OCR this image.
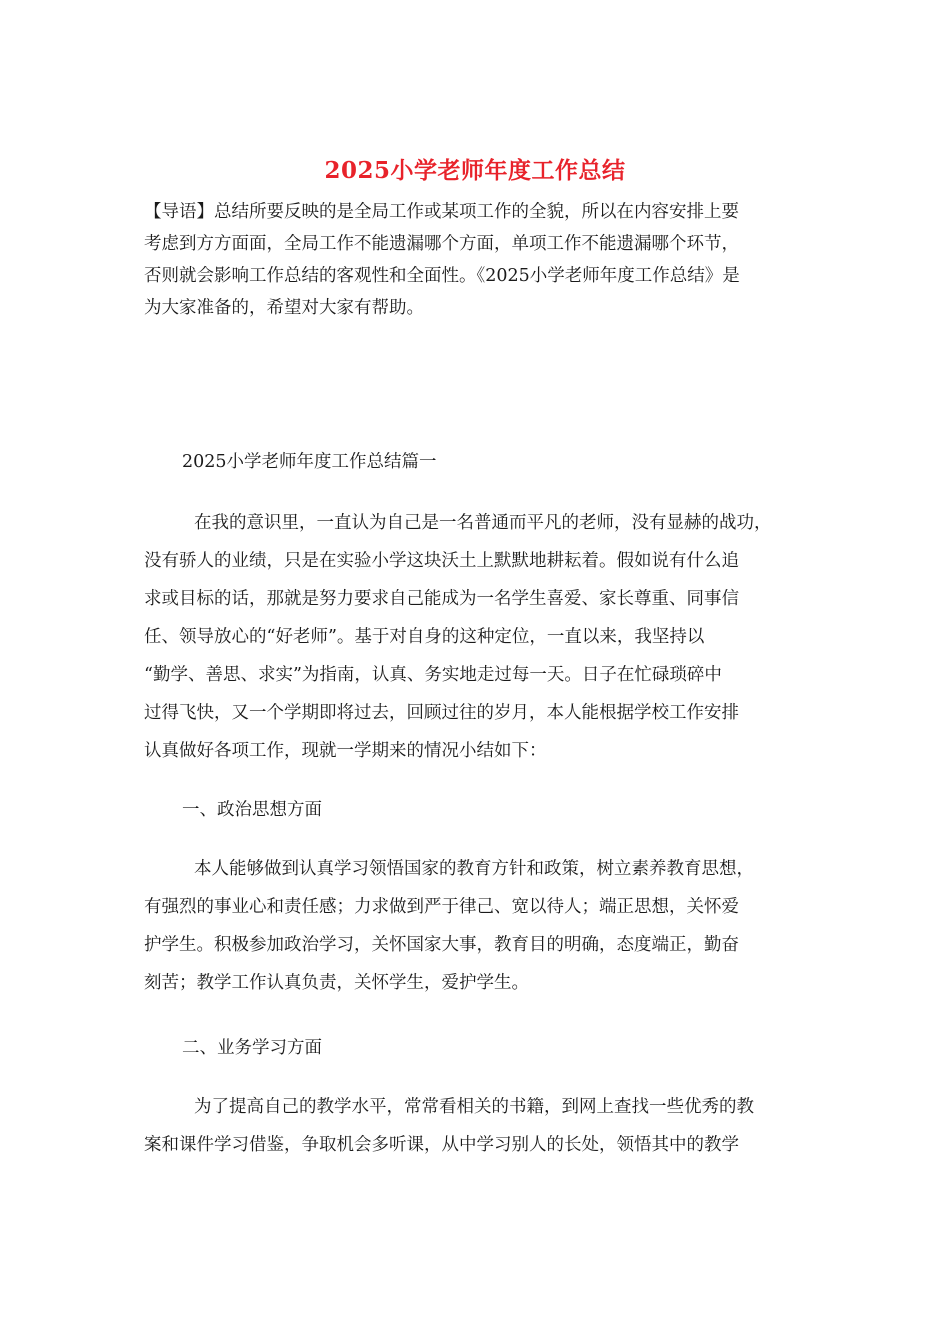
2025小学老师年度工作总结
【导语】总结所要反映的是全局工作或某项工作的全貌，所以在内容安排上要
考虑到方方面面，全局工作不能遗漏哪个方面，单项工作不能遗漏哪个环节，
否则就会影响工作总结的客观性和全面性。《2025小学老师年度工作总结》是
为大家准备的，希望对大家有帮助。
2025小学老师年度工作总结篇一
在我的意识里，一直认为自己是一名普通而平凡的老师，没有显赫的战功，
没有骄人的业绩，只是在实验小学这块沃土上默默地耕耘着。假如说有什么追
求或目标的话，那就是努力要求自己能成为一名学生喜爱、家长尊重、同事信
任、领导放心的“好老师”。基于对自身的这种定位，一直以来，我坚持以
“勤学、善思、求实”为指南，认真、务实地走过每一天。日子在忙碌琐碎中
过得飞快，又一个学期即将过去，回顾过往的岁月，本人能根据学校工作安排
认真做好各项工作，现就一学期来的情况小结如下：
一、政治思想方面
本人能够做到认真学习领悟国家的教育方针和政策，树立素养教育思想，
有强烈的事业心和责任感；力求做到严于律己、宽以待人；端正思想，关怀爱
护学生。积极参加政治学习，关怀国家大事，教育目的明确，态度端正，勤奋
刻苦；教学工作认真负责，关怀学生，爱护学生。
二、业务学习方面
为了提高自己的教学水平，常常看相关的书籍，到网上查找一些优秀的教
案和课件学习借鉴，争取机会多听课，从中学习别人的长处，领悟其中的教学
